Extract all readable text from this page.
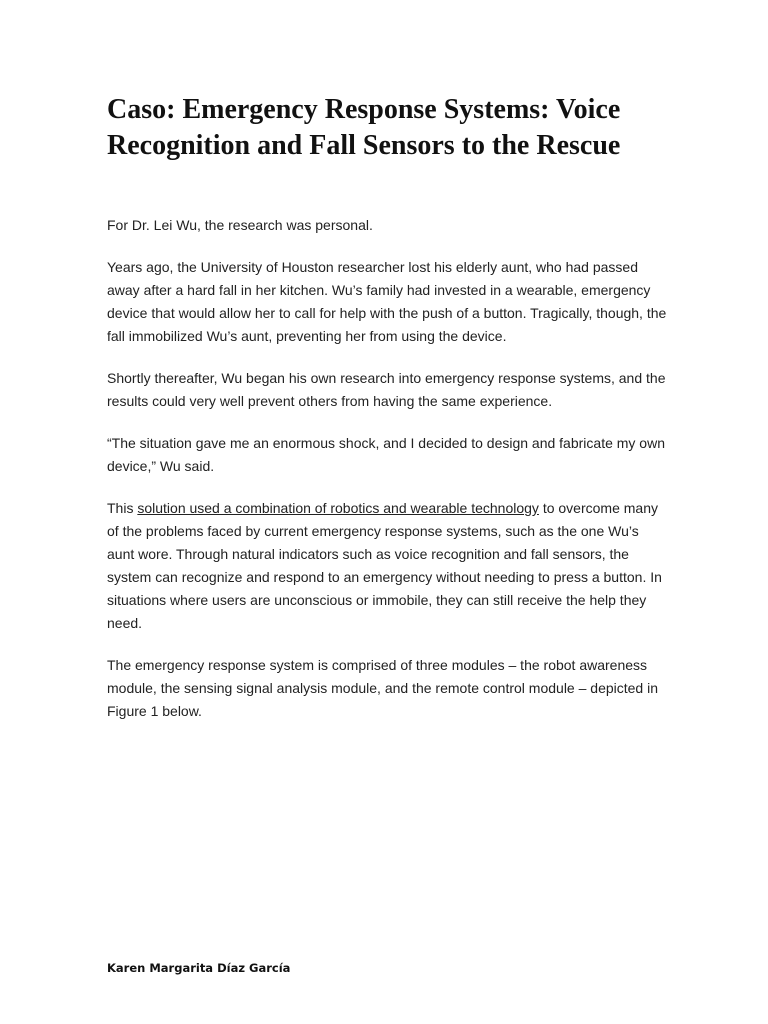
Caso: Emergency Response Systems: Voice Recognition and Fall Sensors to the Rescue

For Dr. Lei Wu, the research was personal.

Years ago, the University of Houston researcher lost his elderly aunt, who had passed away after a hard fall in her kitchen. Wu’s family had invested in a wearable, emergency device that would allow her to call for help with the push of a button. Tragically, though, the fall immobilized Wu’s aunt, preventing her from using the device.

Shortly thereafter, Wu began his own research into emergency response systems, and the results could very well prevent others from having the same experience.

“The situation gave me an enormous shock, and I decided to design and fabricate my own device,” Wu said.

This solution used a combination of robotics and wearable technology to overcome many of the problems faced by current emergency response systems, such as the one Wu’s aunt wore. Through natural indicators such as voice recognition and fall sensors, the system can recognize and respond to an emergency without needing to press a button. In situations where users are unconscious or immobile, they can still receive the help they need.

The emergency response system is comprised of three modules – the robot awareness module, the sensing signal analysis module, and the remote control module – depicted in Figure 1 below.

Karen Margarita Díaz García
